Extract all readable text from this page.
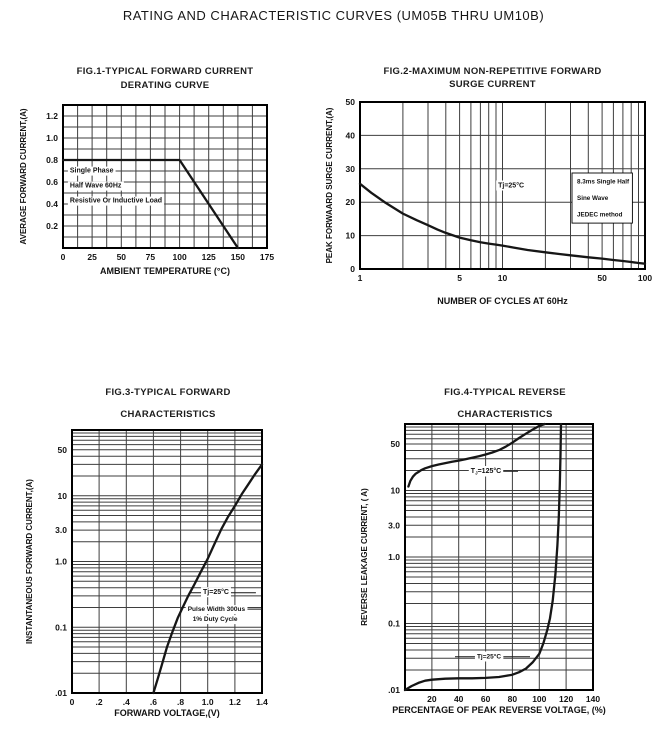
RATING AND CHARACTERISTIC CURVES (UM05B THRU UM10B)
FIG.1-TYPICAL FORWARD CURRENT
DERATING CURVE
0	25 50 75 100 125 150 175
0.2
0.4
0.6
0.8
1.0
1.2
AMBIENT TEMPERATURE (°C)
AVERAGE FORWARD CURRENT,(A)	Single Phase
Half Wave 60Hz
Resistive Or Inductive Load
FIG.2-MAXIMUM NON-REPETITIVE FORWARD
SURGE CURRENT
1	5	10	50	100
0
10
20
30
40
50
NUMBER OF CYCLES AT 60Hz
PEAK FORWAARD SURGE CURRENT,(A)	Tj=25°C
8.3ms Single Half
Sine Wave
JEDEC method
FIG.3-TYPICAL FORWARD
CHARACTERISTICS
0 .2 .4 .6 .8 1.0 1.2 1.4
50
10
3.0
1.0
0.1
.01
FORWARD VOLTAGE,(V)
INSTANTANEOUS FORWARD CURRENT,(A)	Tj=25°C
Pulse Width 300us
1% Duty Cycle
FIG.4-TYPICAL REVERSE
CHARACTERISTICS
20 40 60 80 100 120 140
50
10
3.0
1.0
0.1
.01
PERCENTAGE OF PEAK REVERSE VOLTAGE, (%)
REVERSE LEAKAGE CURRENT, ( A)
$T_J=125^\circ C$
Tj=25°C
